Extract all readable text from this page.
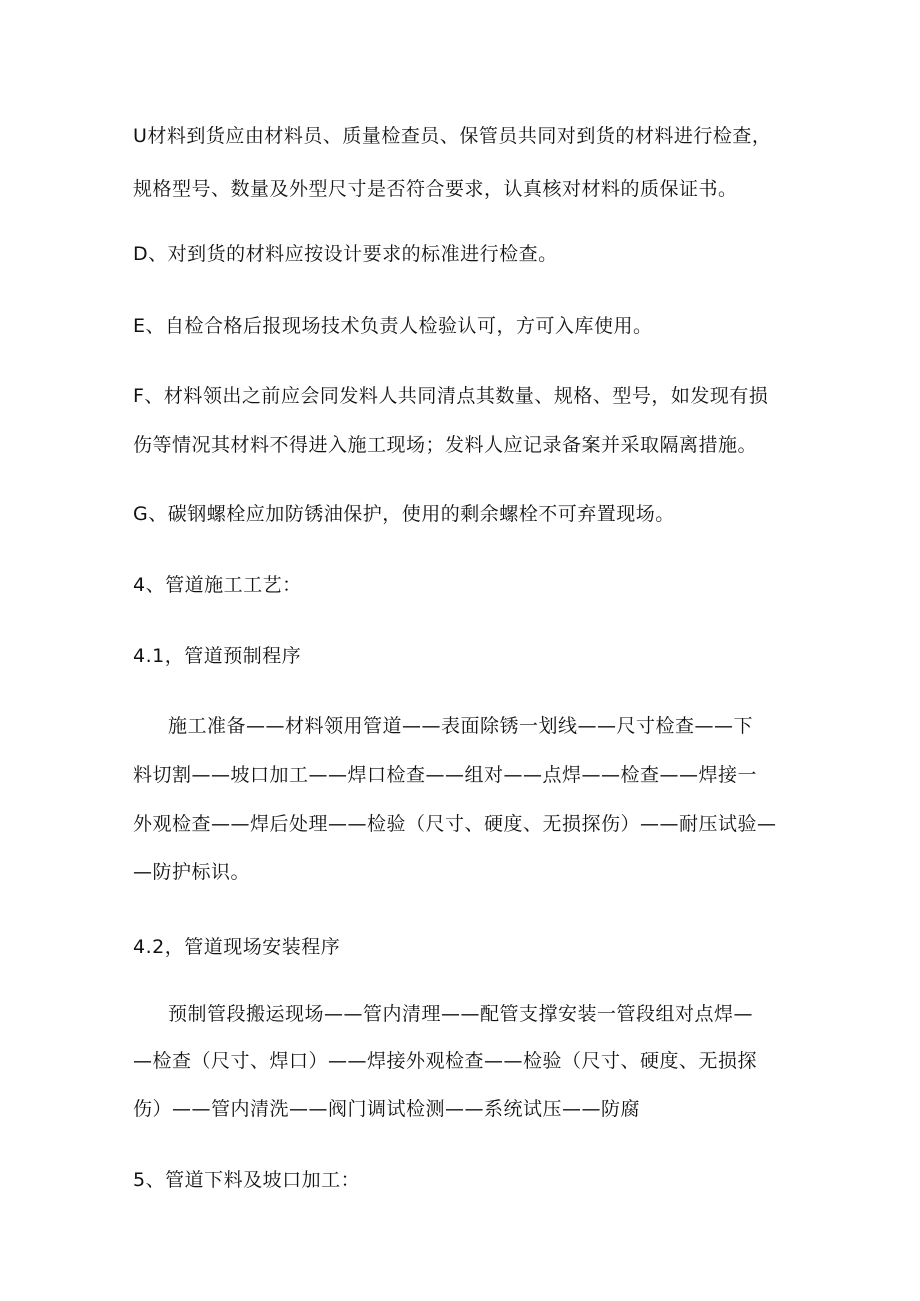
U材料到货应由材料员、质量检查员、保管员共同对到货的材料进行检查，
规格型号、数量及外型尺寸是否符合要求，认真核对材料的质保证书。
D、对到货的材料应按设计要求的标准进行检查。
E、自检合格后报现场技术负责人检验认可，方可入库使用。
F、材料领出之前应会同发料人共同清点其数量、规格、型号，如发现有损
伤等情况其材料不得进入施工现场；发料人应记录备案并采取隔离措施。
G、碳钢螺栓应加防锈油保护，使用的剩余螺栓不可弃置现场。
4、管道施工工艺：
4.1，管道预制程序
施工准备——材料领用管道——表面除锈一划线——尺寸检查——下
料切割——坡口加工——焊口检查——组对——点焊——检查——焊接一
外观检查——焊后处理——检验（尺寸、硬度、无损探伤）——耐压试验—
—防护标识。
4.2，管道现场安装程序
预制管段搬运现场——管内清理——配管支撑安装一管段组对点焊—
—检查（尺寸、焊口）——焊接外观检查——检验（尺寸、硬度、无损探
伤）——管内清洗——阀门调试检测——系统试压——防腐
5、管道下料及坡口加工：
